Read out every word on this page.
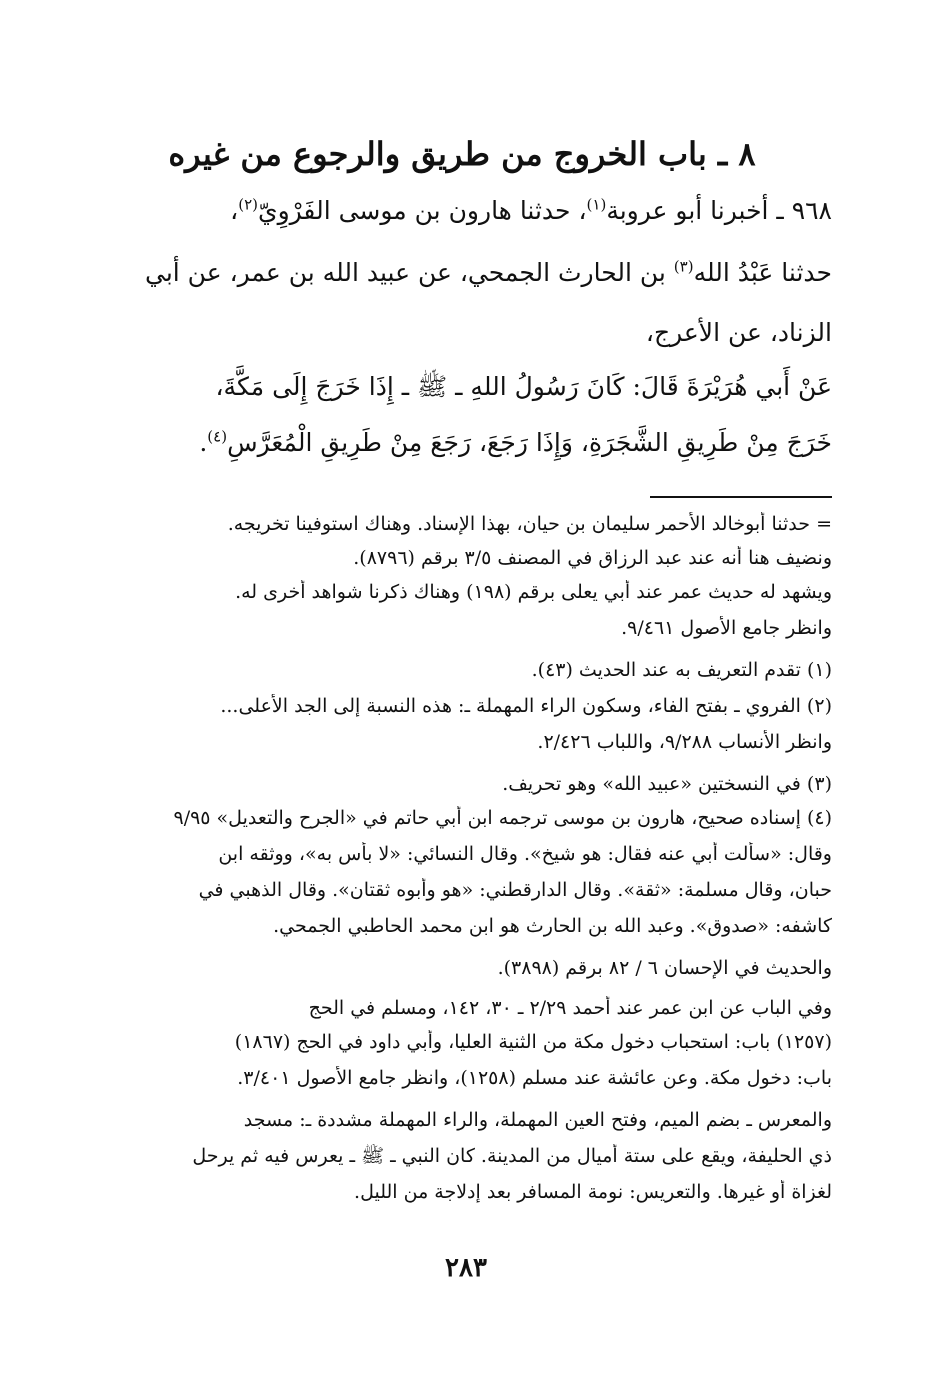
٨ ـ باب الخروج من طريق والرجوع من غيره
٩٦٨ ـ أخبرنا أبو عروبة$^{(١)}$، حدثنا هارون بن موسى الفَرْوِيّ$^{(٢)}$،
حدثنا عَبْدُ الله$^{(٣)}$ بن الحارث الجمحي، عن عبيد الله بن عمر، عن أبي
الزناد، عن الأعرج،
عَنْ أَبي هُرَيْرَةَ قَالَ: كَانَ رَسُولُ اللهِ ـ ﷺ ـ إِذَا خَرَجَ إِلَى مَكَّةَ،
خَرَجَ مِنْ طَرِيقِ الشَّجَرَةِ، وَإِذَا رَجَعَ، رَجَعَ مِنْ طَرِيقِ الْمُعَرَّسِ$^{(٤)}$.
= حدثنا أبوخالد الأحمر سليمان بن حيان، بهذا الإسناد. وهناك استوفينا تخريجه.
ونضيف هنا أنه عند عبد الرزاق في المصنف ٣/٥ برقم (٨٧٩٦).
ويشهد له حديث عمر عند أبي يعلى برقم (١٩٨) وهناك ذكرنا شواهد أخرى له.
وانظر جامع الأصول ٩/٤٦١.
(١) تقدم التعريف به عند الحديث (٤٣).
(٢) الفروي ـ بفتح الفاء، وسكون الراء المهملة ـ: هذه النسبة إلى الجد الأعلى...
وانظر الأنساب ٩/٢٨٨، واللباب ٢/٤٢٦.
(٣) في النسختين «عبيد الله» وهو تحريف.
(٤) إسناده صحيح، هارون بن موسى ترجمه ابن أبي حاتم في «الجرح والتعديل» ٩/٩٥
وقال: «سألت أبي عنه فقال: هو شيخ». وقال النسائي: «لا بأس به»، ووثقه ابن
حبان، وقال مسلمة: «ثقة». وقال الدارقطني: «هو وأبوه ثقتان». وقال الذهبي في
كاشفه: «صدوق». وعبد الله بن الحارث هو ابن محمد الحاطبي الجمحي.
والحديث في الإحسان ٦ / ٨٢ برقم (٣٨٩٨).
وفي الباب عن ابن عمر عند أحمد ٢/٢٩ ـ ٣٠، ١٤٢، ومسلم في الحج
(١٢٥٧) باب: استحباب دخول مكة من الثنية العليا، وأبي داود في الحج (١٨٦٧)
باب: دخول مكة. وعن عائشة عند مسلم (١٢٥٨)، وانظر جامع الأصول ٣/٤٠١.
والمعرس ـ بضم الميم، وفتح العين المهملة، والراء المهملة مشددة ـ: مسجد
ذي الحليفة، ويقع على ستة أميال من المدينة. كان النبي ـ ﷺ ـ يعرس فيه ثم يرحل
لغزاة أو غيرها. والتعريس: نومة المسافر بعد إدلاجة من الليل.
٢٨٣
